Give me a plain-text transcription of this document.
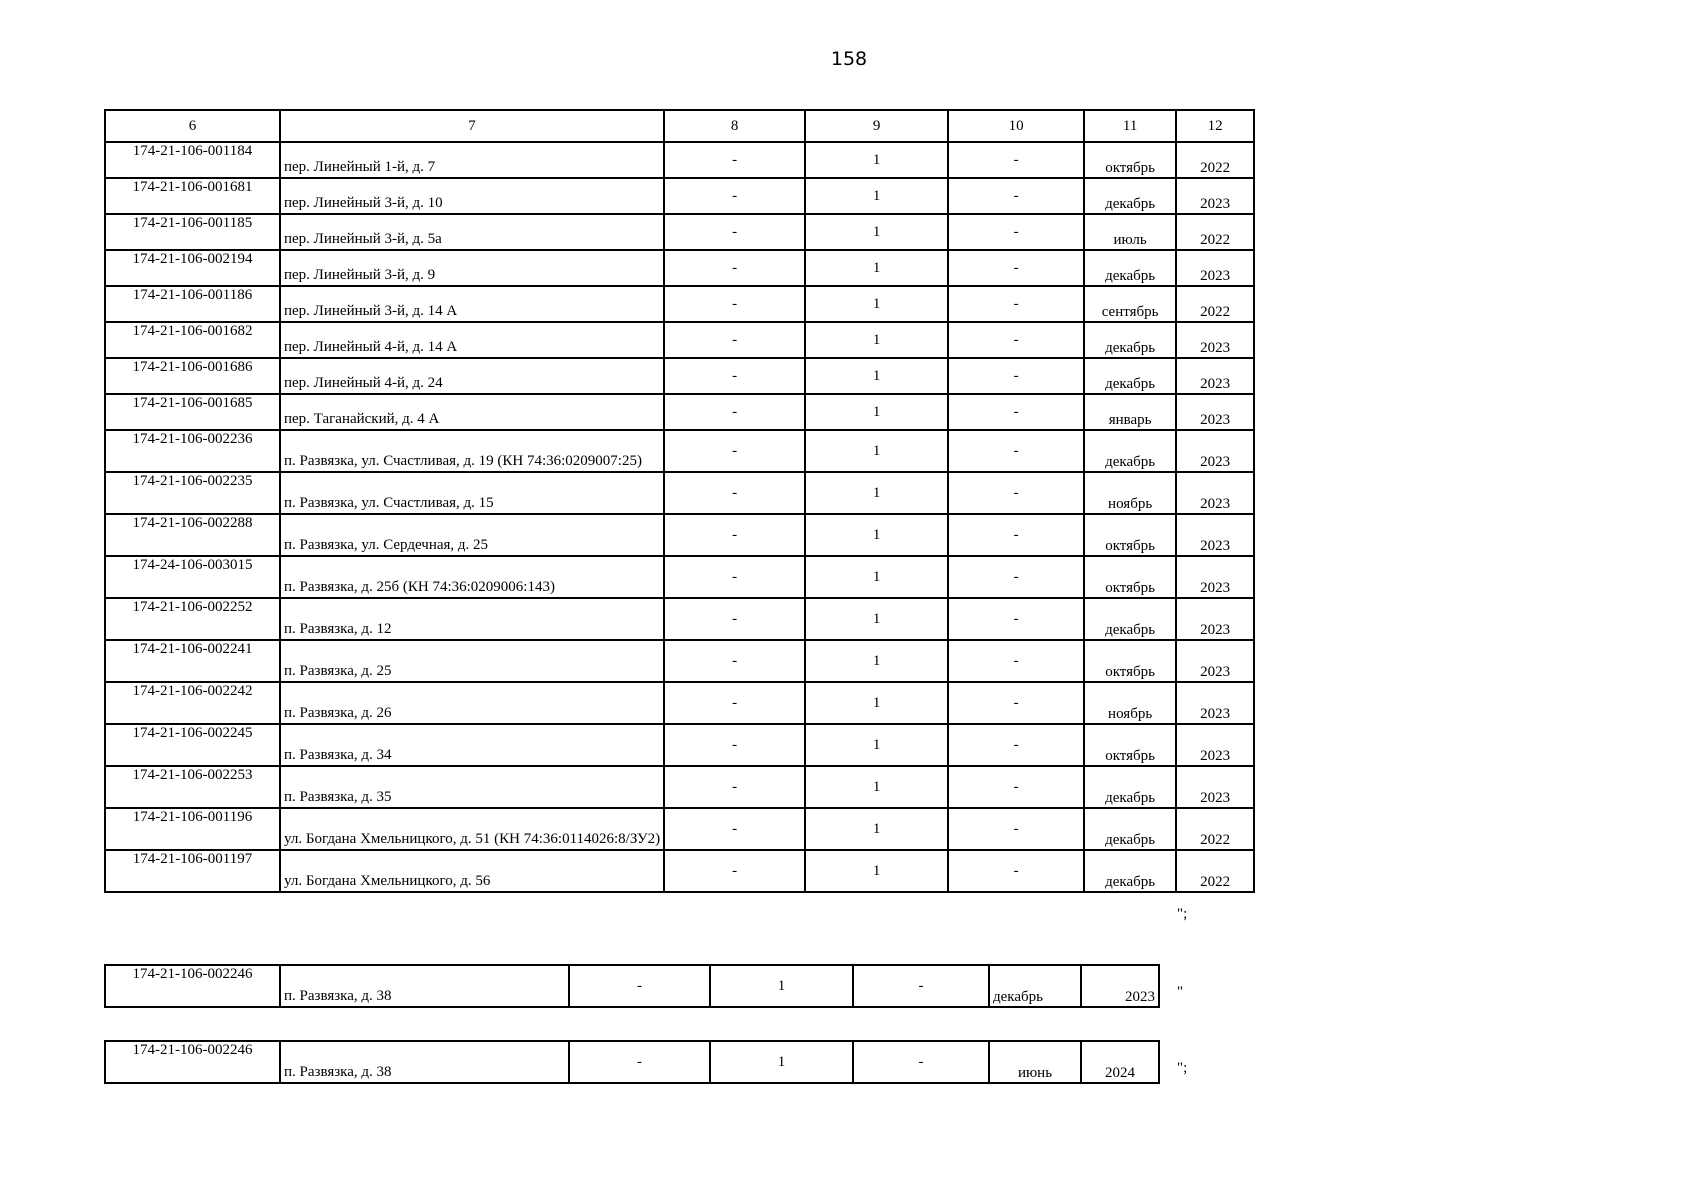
158
6	7	8	9	10	11	12
174-21-106-001184	пер. Линейный 1-й, д. 7	-	1	-	октябрь	2022
174-21-106-001681	пер. Линейный 3-й, д. 10	-	1	-	декабрь	2023
174-21-106-001185	пер. Линейный 3-й, д. 5а	-	1	-	июль	2022
174-21-106-002194	пер. Линейный 3-й, д. 9	-	1	-	декабрь	2023
174-21-106-001186	пер. Линейный 3-й, д. 14 А	-	1	-	сентябрь	2022
174-21-106-001682	пер. Линейный 4-й, д. 14 А	-	1	-	декабрь	2023
174-21-106-001686	пер. Линейный 4-й, д. 24	-	1	-	декабрь	2023
174-21-106-001685	пер. Таганайский, д. 4 А	-	1	-	январь	2023
174-21-106-002236	п. Развязка, ул. Счастливая, д. 19 (КН 74:36:0209007:25)	-	1	-	декабрь	2023
174-21-106-002235	п. Развязка, ул. Счастливая, д. 15	-	1	-	ноябрь	2023
174-21-106-002288	п. Развязка, ул. Сердечная, д. 25	-	1	-	октябрь	2023
174-24-106-003015	п. Развязка, д. 25б (КН 74:36:0209006:143)	-	1	-	октябрь	2023
174-21-106-002252	п. Развязка, д. 12	-	1	-	декабрь	2023
174-21-106-002241	п. Развязка, д. 25	-	1	-	октябрь	2023
174-21-106-002242	п. Развязка, д. 26	-	1	-	ноябрь	2023
174-21-106-002245	п. Развязка, д. 34	-	1	-	октябрь	2023
174-21-106-002253	п. Развязка, д. 35	-	1	-	декабрь	2023
174-21-106-001196	ул. Богдана Хмельницкого, д. 51 (КН 74:36:0114026:8/ЗУ2)	-	1	-	декабрь	2022
174-21-106-001197	ул. Богдана Хмельницкого, д. 56	-	1	-	декабрь	2022
";
174-21-106-002246	п. Развязка, д. 38	-	1	-	декабрь	2023 "
174-21-106-002246	п. Развязка, д. 38	-	1	-	июнь	2024	";
